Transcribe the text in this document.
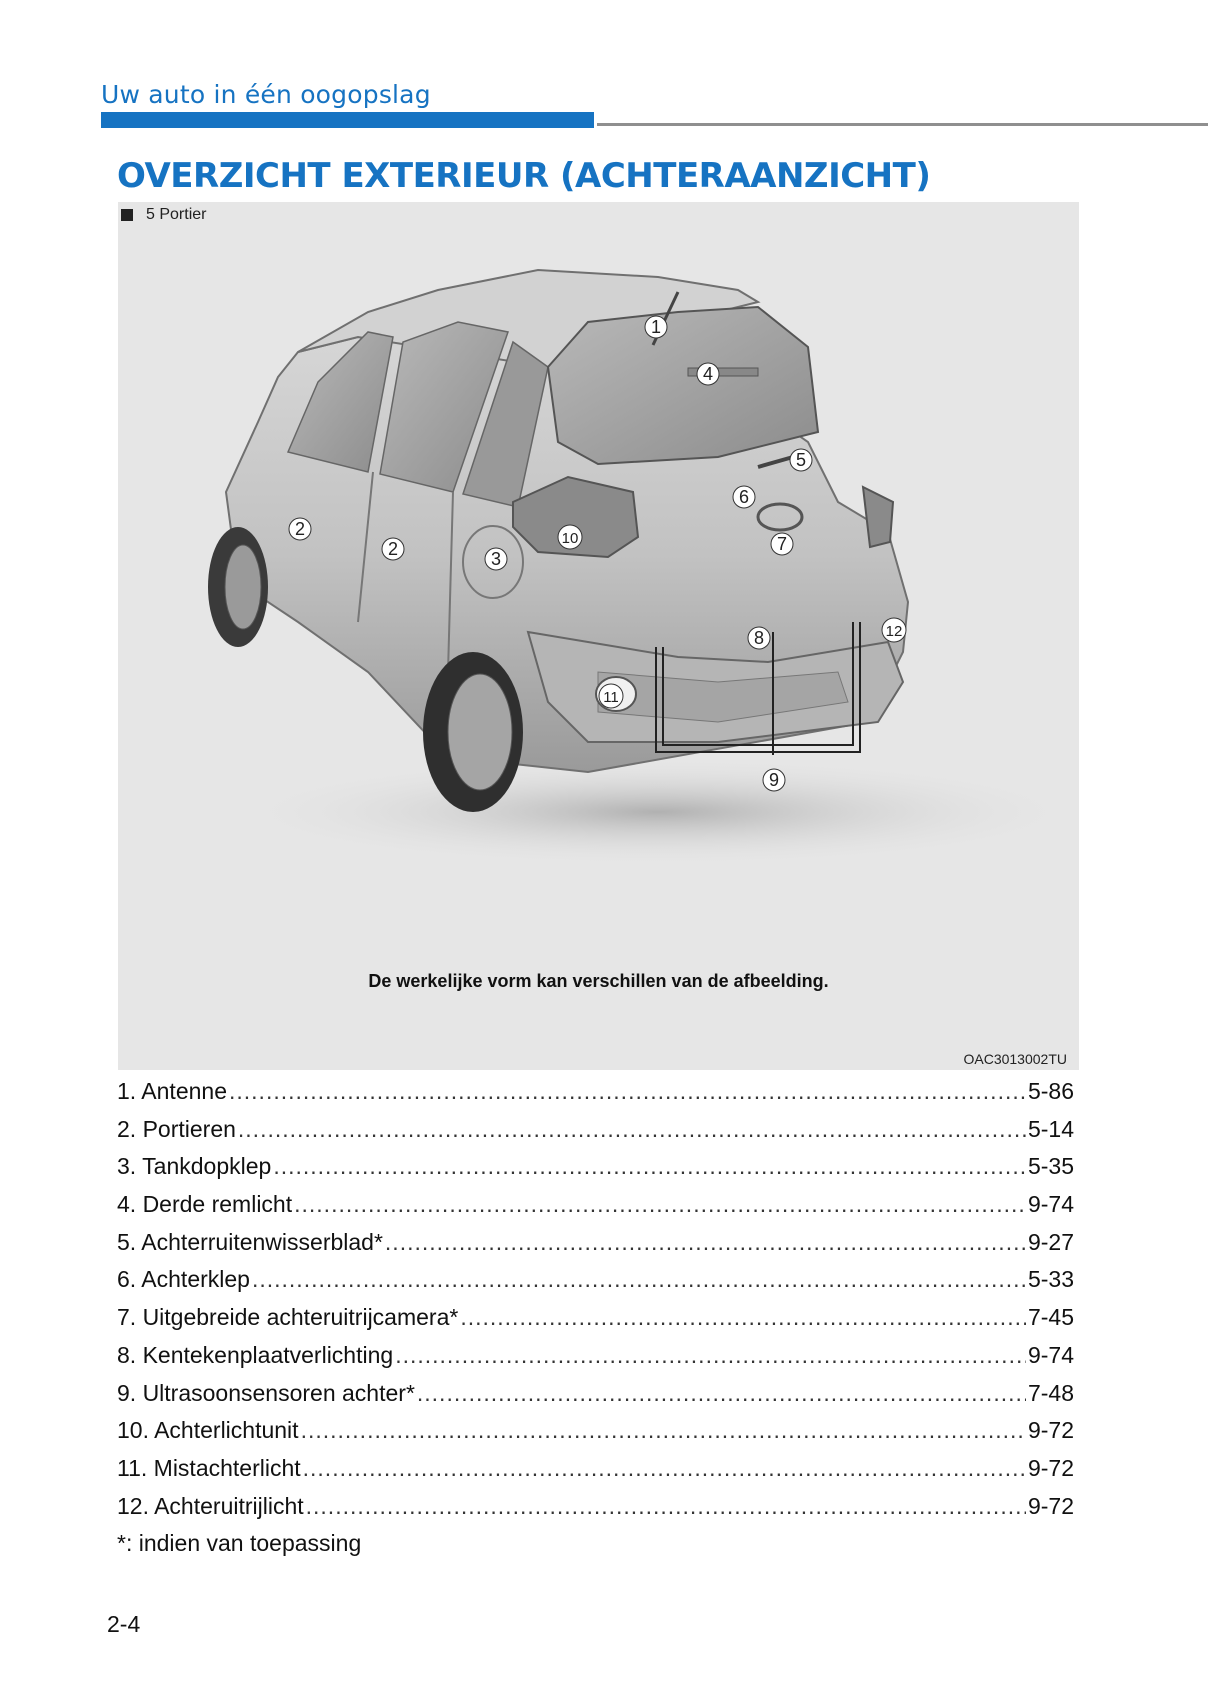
Uw auto in één oogopslag
OVERZICHT EXTERIEUR (ACHTERAANZICHT)
1
2
2	3
4
5
6
7
8
9
10
11
12
De werkelijke vorm kan verschillen van de afbeelding.
OAC3013002TU
5 Portier
1. Antenne .....	5-86
2. Portieren .....	5-14
3. Tankdopklep .....	5-35
4. Derde remlicht .....	9-74
5. Achterruitenwisserblad* .....	9-27
6. Achterklep .....	5-33
7. Uitgebreide achteruitrijcamera* .....	7-45
8. Kentekenplaatverlichting .....	9-74
9. Ultrasoonsensoren achter* .....	7-48
10. Achterlichtunit .....	9-72
11. Mistachterlicht .....	9-72
12. Achteruitrijlicht .....	9-72
*: indien van toepassing
2-4
